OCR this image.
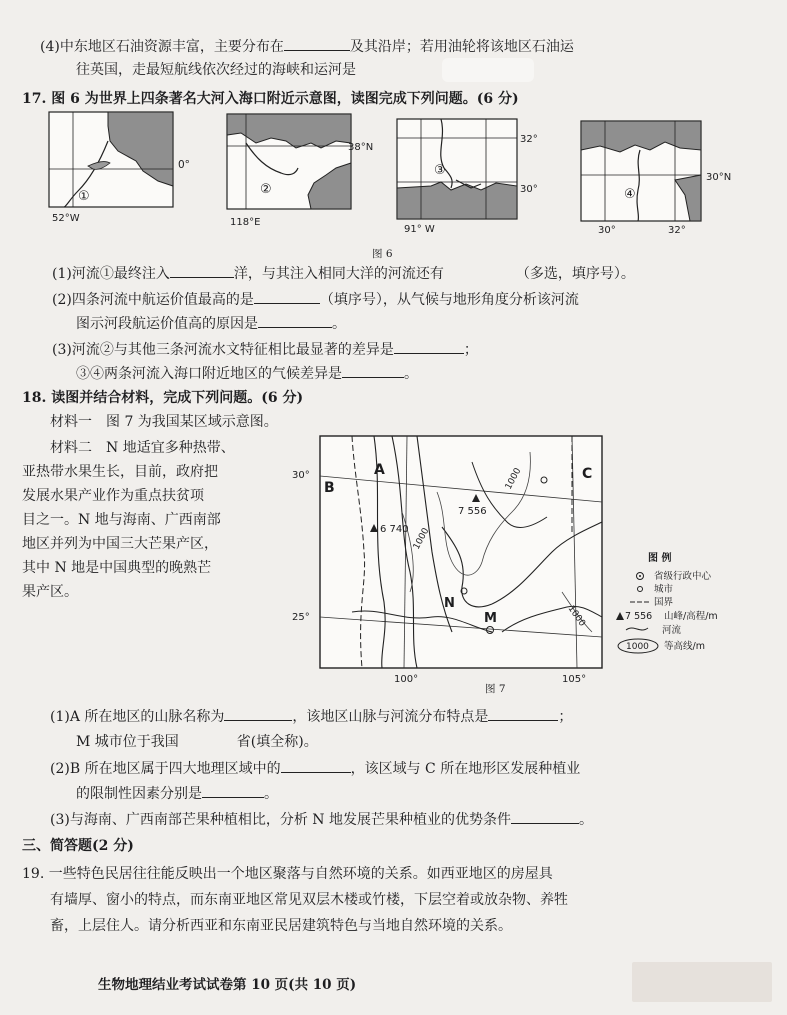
(4)中东地区石油资源丰富，主要分布在	及其沿岸；若用油轮将该地区石油运
往英国，走最短航线依次经过的海峡和运河是
17. 图 6 为世界上四条著名大河入海口附近示意图，读图完成下列问题。(6 分)
①
52°W
0°
②
118°E
38°N
③
91° W
32°
30°	④
30°	32°
30°N
图 6
(1)河流①最终注入	洋，与其注入相同大洋的河流还有	（多选，填序号）。
(2)四条河流中航运价值最高的是	（填序号），从气候与地形角度分析该河流
图示河段航运价值高的原因是	。
(3)河流②与其他三条河流水文特征相比最显著的差异是	；
③④两条河流入海口附近地区的气候差异是	。
18. 读图并结合材料，完成下列问题。(6 分)
材料一　图 7 为我国某区域示意图。
材料二　N 地适宜多种热带、
亚热带水果生长，目前，政府把
发展水果产业作为重点扶贫项
目之一。N 地与海南、广西南部
地区并列为中国三大芒果产区，
其中 N 地是中国典型的晚熟芒
果产区。
A
B
C
N
M
7 556
6 740
30°
25°
100°	105°
1000
1000
1000
图 例
省级行政中心
城市
国界
7 556 山峰/高程/m
河流
1000 等高线/m
图 7
(1)A 所在地区的山脉名称为	，该地区山脉与河流分布特点是	；
M 城市位于我国	省(填全称)。
(2)B 所在地区属于四大地理区域中的	，该区域与 C 所在地形区发展种植业
的限制性因素分别是	。
(3)与海南、广西南部芒果种植相比，分析 N 地发展芒果种植业的优势条件	。
三、简答题(2 分)
19. 一些特色民居往往能反映出一个地区聚落与自然环境的关系。如西亚地区的房屋具
有墙厚、窗小的特点，而东南亚地区常见双层木楼或竹楼，下层空着或放杂物、养牲
畜，上层住人。请分析西亚和东南亚民居建筑特色与当地自然环境的关系。
生物地理结业考试试卷第 10 页(共 10 页)
